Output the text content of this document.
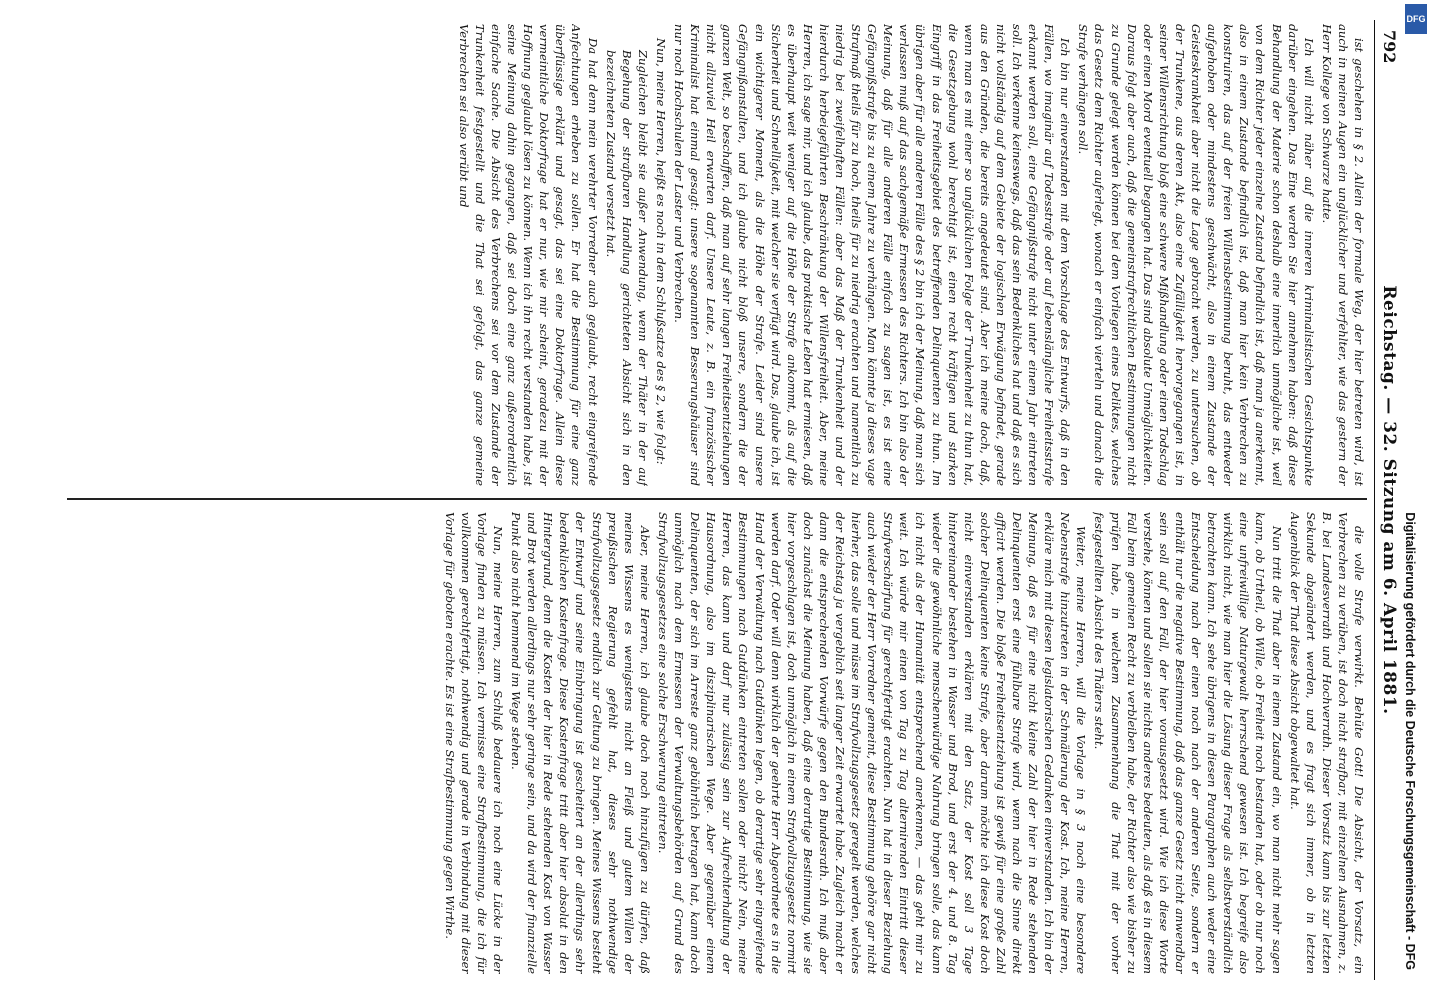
792
Reichstag. — 32. Sitzung am 6. April 1881.

ist geschehen in § 2. Allein der formale Weg, der hier betreten wird, ist auch in meinen Augen ein unglücklicher und verfehlter, wie das gestern der Herr Kollege von Schwarze hatte.

Ich will nicht näher auf die inneren kriminalistischen Gesichtspunkte darüber eingehen. Das Eine werden Sie hier annehmen haben: daß diese Behandlung der Materie schon deshalb eine innerlich unmögliche ist, weil von dem Richter jeder einzelne Zustand befindlich ist, daß man ja anerkennt, also in einem Zustande befindlich ist, daß man hier kein Verbrechen zu konstruiren, das auf der freien Willensbestimmung beruht, das entweder aufgehoben oder mindestens geschwächt, also in einem Zustande der Geisteskrankheit aber nicht die Lage gebracht werden, zu untersuchen, ob der Trunkene, aus deren Akt, also eine Zufälligkeit hervorgegangen ist, in seiner Willensrichtung bloß eine schwere Mißhandlung oder einen Todschlag oder einen Mord eventuell begangen hat. Das sind absolute Unmöglichkeiten. Daraus folgt aber auch, daß die gemeinstrafrechtlichen Bestimmungen nicht zu Grunde gelegt werden können bei dem Vorliegen eines Deliktes, welches das Gesetz dem Richter auferlegt, wonach er einfach vierteln und danach die Strafe verhängen soll.

Ich bin nur einverstanden mit dem Vorschlage des Entwurfs, daß in den Fällen, wo imaginär auf Todesstrafe oder auf lebenslängliche Freiheitsstrafe erkannt werden soll, eine Gefängnißstrafe nicht unter einem Jahr eintreten soll. Ich verkenne keineswegs, daß das sein Bedenkliches hat und daß es sich nicht vollständig auf dem Gebiete der logischen Erwägung befindet, gerade aus den Gründen, die bereits angedeutet sind. Aber ich meine doch, daß, wenn man es mit einer so unglücklichen Folge der Trunkenheit zu thun hat, die Gesetzgebung wohl berechtigt ist, einen recht kräftigen und starken Eingriff in das Freiheitsgebiet des betreffenden Delinquenten zu thun. Im übrigen aber für alle anderen Fälle des § 2 bin ich der Meinung, daß man sich verlassen muß auf das sachgemäße Ermessen des Richters. Ich bin also der Meinung, daß für alle anderen Fälle einfach zu sagen ist, es ist eine Gefängnißstrafe bis zu einem Jahre zu verhängen. Man könnte ja dieses vage Strafmaß theils für zu hoch, theils für zu niedrig erachten und namentlich zu niedrig bei zweifelhaften Fällen: aber das Maß der Trunkenheit und der hierdurch herbeigeführten Beschränkung der Willensfreiheit. Aber, meine Herren, ich sage mir, und ich glaube, das praktische Leben hat ermiesen, daß es überhaupt weit weniger auf die Höhe der Strafe ankommt, als auf die Sicherheit und Schnelligkeit, mit welcher sie verfügt wird. Das, glaube ich, ist ein wichtigerer Moment, als die Höhe der Strafe. Leider sind unsere Gefängnißanstalten, und ich glaube nicht bloß unsere, sondern die der ganzen Welt, so beschaffen, daß man auf sehr langen Freiheitsentziehungen nicht allzuviel Heil erwarten darf. Unsere Leute, z. B. ein französischer Kriminalist hat einmal gesagt: unsere sogenannten Besserungshäuser sind nur noch Hochschulen der Laster und Verbrechen.

Nun, meine Herren, heißt es noch in dem Schlußsatze des § 2, wie folgt:

Zugleichen bleibt sie außer Anwendung, wenn der Thäter in der auf Begehung der strafbaren Handlung gerichteten Absicht sich in den bezeichneten Zustand versetzt hat.

Da hat denn mein verehrter Vorredner auch geglaubt, recht eingreifende Anfechtungen erheben zu sollen. Er hat die Bestimmung für eine ganz überflüssige erklärt und gesagt, das sei eine Doktorfrage. Allein diese vermeintliche Doktorfrage hat er nur, wie mir scheint, geradezu mit der Hoffnung geglaubt lösen zu können. Wenn ich ihn recht verstanden habe, ist seine Meinung dahin gegangen, daß sei doch eine ganz außerordentlich einfache Sache. Die Absicht des Verbrechens sei vor dem Zustande der Trunkenheit festgestellt und die That sei gefolgt, das ganze gemeine Verbrechen sei also verübt und

die volle Strafe verwirkt. Behüte Gott! Die Absicht, der Vorsatz, ein Verbrechen zu verüben, ist doch nicht strafbar, mit einzelnen Ausnahmen, z. B. bei Landesverrath und Hochverrath. Dieser Vorsatz kann bis zur letzten Sekunde abgeändert werden, und es fragt sich immer, ob in letzten Augenblick der That diese Absicht obgewaltet hat.

Nun tritt die That aber in einem Zustand ein, wo man nicht mehr sagen kann, ob Urtheil, ob Wille, ob Freiheit noch bestanden hat, oder ob nur noch eine unfreiwillige Naturgewalt herrschend gewesen ist. Ich begreife also wirklich nicht, wie man hier die Lösung dieser Frage als selbstverständlich betrachten kann. Ich sehe übrigens in diesen Paragraphen auch weder eine Entscheidung nach der einen noch nach der anderen Seite, sondern er enthält nur die negative Bestimmung, daß das ganze Gesetz nicht anwendbar sein soll auf den Fall, der hier vorausgesetzt wird. Wie ich diese Worte verstehe, können und sollen sie nichts anderes bedeuten, als daß es in diesem Fall beim gemeinen Recht zu verbleiben habe, der Richter also wie bisher zu prüfen habe, in welchem Zusammenhang die That mit der vorher festgestellten Absicht des Thäters steht.

Weiter, meine Herren, will die Vorlage in § 3 noch eine besondere Nebenstrafe hinzutreten in der Schmälerung der Kost. Ich, meine Herren, erkläre mich mit diesen legislatorischen Gedanken einverstanden. Ich bin der Meinung, daß es für eine nicht kleine Zahl der hier in Rede stehenden Delinquenten erst eine fühlbare Strafe wird, wenn nach die Sinne direkt afficirt werden. Die bloße Freiheitsentziehung ist gewiß für eine große Zahl solcher Delinquenten keine Strafe, aber darum möchte ich diese Kost doch nicht einverstanden erklären mit den Satz, der Kost soll 3 Tage hintereinander bestehen in Wasser und Brod, und erst der 4. und 8. Tag wieder die gewöhnliche menschenwürdige Nahrung bringen solle, das kann ich nicht als der Humanität entsprechend anerkennen, — das geht mir zu weit. Ich würde mir einen von Tag zu Tag alternirenden Eintritt dieser Strafverschärfung für gerechtfertigt erachten. Nun hat in dieser Beziehung auch wieder der Herr Vorredner gemeint, diese Bestimmung gehöre gar nicht hierher, das solle und müsse im Strafvollzugsgesetz geregelt werden, welches der Reichstag ja vergeblich seit langer Zeit erwartet habe. Zugleich macht er dann die entsprechenden Vorwürfe gegen den Bundesrath. Ich muß aber doch zunächst die Meinung haben, daß eine derartige Bestimmung, wie sie hier vorgeschlagen ist, doch unmöglich in einem Strafvollzugsgesetz normirt werden darf. Oder will denn wirklich der geehrte Herr Abgeordnete es in die Hand der Verwaltung nach Gutdünken legen, ob derartige sehr eingreifende Bestimmungen nach Gutdünken eintreten sollen oder nicht? Nein, meine Herren, das kann und darf nur zulässig sein zur Aufrechterhaltung der Hausordnung, also im disziplinarischen Wege. Aber gegenüber einem Delinquenten, der sich im Arreste ganz gebührlich betragen hat, kann doch unmöglich nach dem Ermessen der Verwaltungsbehörden auf Grund des Strafvollzugsgesetzes eine solche Erschwerung eintreten.

Aber, meine Herren, ich glaube doch noch hinzufügen zu dürfen, daß meines Wissens es wenigstens nicht an Fleiß und gutem Willen der preußischen Regierung gefehlt hat, dieses sehr nothwendige Strafvollzugsgesetz endlich zur Geltung zu bringen. Meines Wissens besteht der Entwurf und seine Einbringung ist gescheitert an der allerdings sehr bedenklichen Kostenfrage. Diese Kostenfrage tritt aber hier absolut in den Hintergrund, denn die Kosten der hier in Rede stehenden Kost von Wasser und Brot werden allerdings nur sehr geringe sein, und da wird der finanzielle Punkt also nicht hemmend im Wege stehen.

Nun, meine Herren, zum Schluß bedauere ich noch eine Lücke in der Vorlage finden zu müssen. Ich vermisse eine Strafbestimmung, die ich für vollkommen gerechtfertigt, nothwendig und gerade in Verbindung mit dieser Vorlage für geboten erachte. Es ist eine Strafbestimmung gegen Wirthe.

DFG
Digitalisierung gefördert durch die Deutsche Forschungsgemeinschaft - DFG
